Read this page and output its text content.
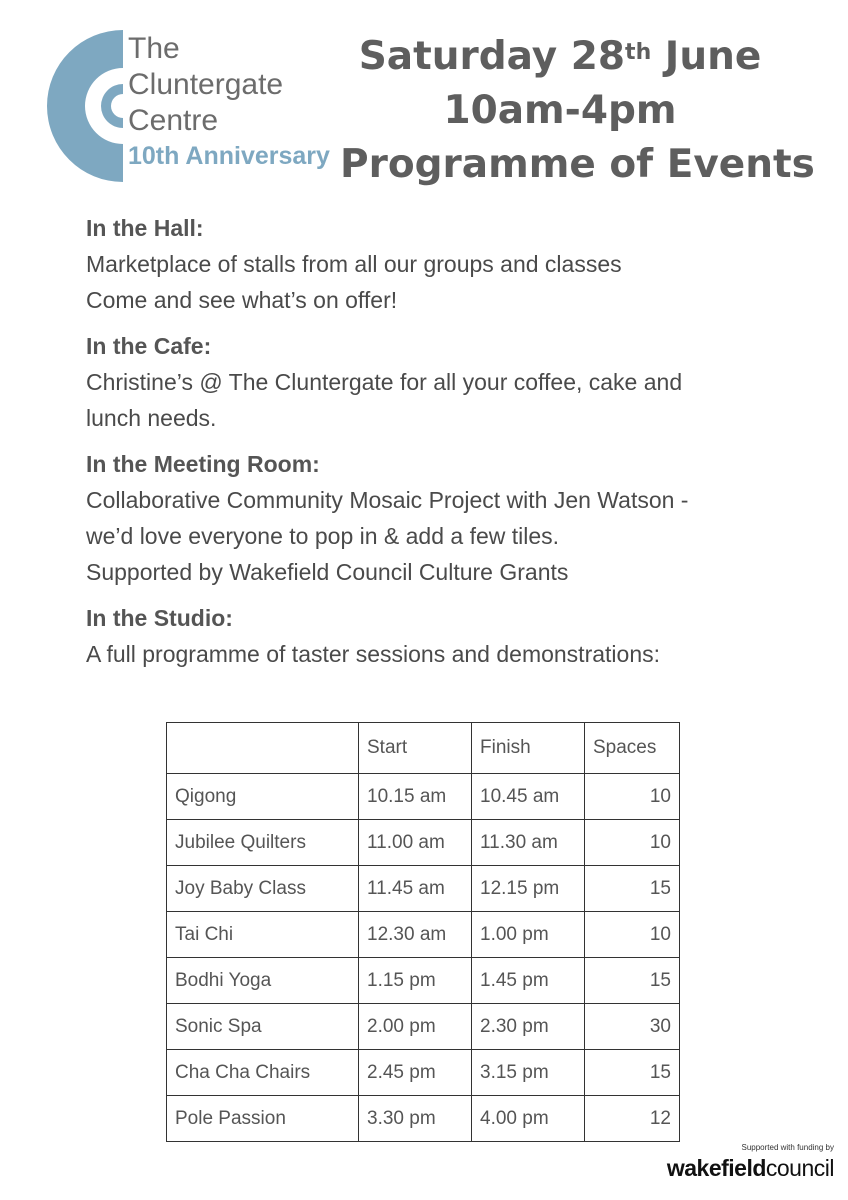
The
Cluntergate
Centre
10th Anniversary
Saturday 28th June
10am-4pm
Programme of Events
In the Hall:
Marketplace of stalls from all our groups and classes
Come and see what’s on offer!
In the Cafe:
Christine’s @ The Cluntergate for all your coffee, cake and
lunch needs.
In the Meeting Room:
Collaborative Community Mosaic Project with Jen Watson -
we’d love everyone to pop in & add a few tiles.
Supported by Wakefield Council Culture Grants
In the Studio:
A full programme of taster sessions and demonstrations:
	Start	Finish	Spaces
Qigong	10.15 am	10.45 am	10
Jubilee Quilters	11.00 am	11.30 am	10
Joy Baby Class	11.45 am	12.15 pm	15
Tai Chi	12.30 am	1.00 pm	10
Bodhi Yoga	1.15 pm	1.45 pm	15
Sonic Spa	2.00 pm	2.30 pm	30
Cha Cha Chairs	2.45 pm	3.15 pm	15
Pole Passion	3.30 pm	4.00 pm	12
Supported with funding by
wakefieldcouncil
